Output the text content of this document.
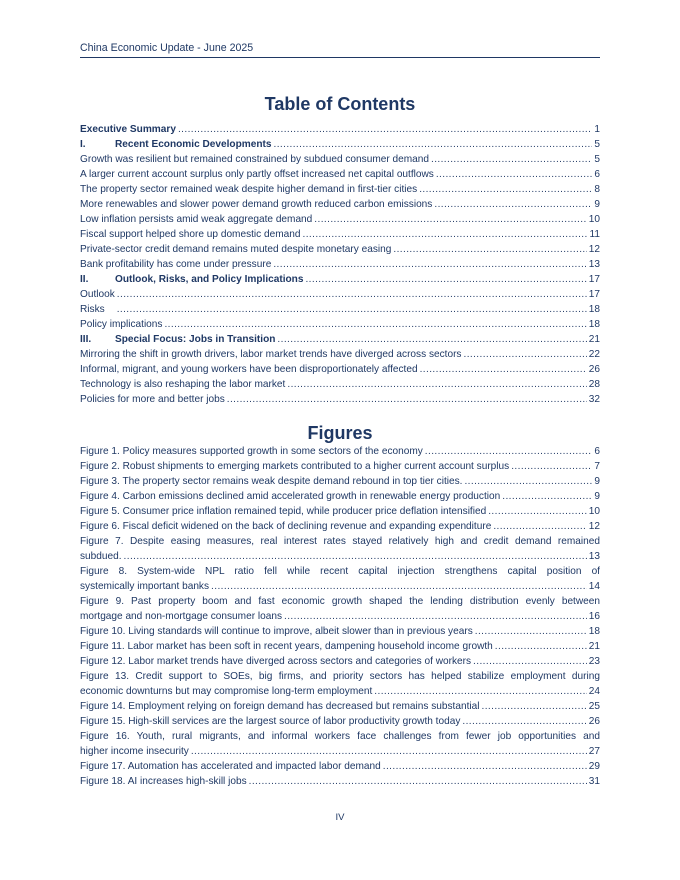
China Economic Update - June 2025
Table of Contents
Executive Summary .....	1
I.	Recent Economic Developments .....	5
Growth was resilient but remained constrained by subdued consumer demand .....	5
A larger current account surplus only partly offset increased net capital outflows .....	6
The property sector remained weak despite higher demand in first-tier cities .....	8
More renewables and slower power demand growth reduced carbon emissions .....	9
Low inflation persists amid weak aggregate demand .....	10
Fiscal support helped shore up domestic demand .....	11
Private-sector credit demand remains muted despite monetary easing .....	12
Bank profitability has come under pressure .....	13
II.	Outlook, Risks, and Policy Implications .....	17
Outlook .....	17
Risks .....	18
Policy implications .....	18
III.	Special Focus: Jobs in Transition .....	21
Mirroring the shift in growth drivers, labor market trends have diverged across sectors .....	22
Informal, migrant, and young workers have been disproportionately affected .....	26
Technology is also reshaping the labor market .....	28
Policies for more and better jobs .....	32
Figures
Figure 1. Policy measures supported growth in some sectors of the economy .....	6
Figure 2. Robust shipments to emerging markets contributed to a higher current account surplus .....	7
Figure 3. The property sector remains weak despite demand rebound in top tier cities. .....	9
Figure 4. Carbon emissions declined amid accelerated growth in renewable energy production .....	9
Figure 5. Consumer price inflation remained tepid, while producer price deflation intensified .....	10
Figure 6. Fiscal deficit widened on the back of declining revenue and expanding expenditure .....	12
Figure 7. Despite easing measures, real interest rates stayed relatively high and credit demand remained
subdued. .....	13
Figure 8. System-wide NPL ratio fell while recent capital injection strengthens capital position of
systemically important banks .....	14
Figure 9. Past property boom and fast economic growth shaped the lending distribution evenly between
mortgage and non-mortgage consumer loans .....	16
Figure 10. Living standards will continue to improve, albeit slower than in previous years .....	18
Figure 11. Labor market has been soft in recent years, dampening household income growth .....	21
Figure 12. Labor market trends have diverged across sectors and categories of workers .....	23
Figure 13. Credit support to SOEs, big firms, and priority sectors has helped stabilize employment during
economic downturns but may compromise long-term employment .....	24
Figure 14. Employment relying on foreign demand has decreased but remains substantial .....	25
Figure 15. High-skill services are the largest source of labor productivity growth today .....	26
Figure 16. Youth, rural migrants, and informal workers face challenges from fewer job opportunities and
higher income insecurity .....	27
Figure 17. Automation has accelerated and impacted labor demand .....	29
Figure 18. AI increases high-skill jobs .....	31
IV
